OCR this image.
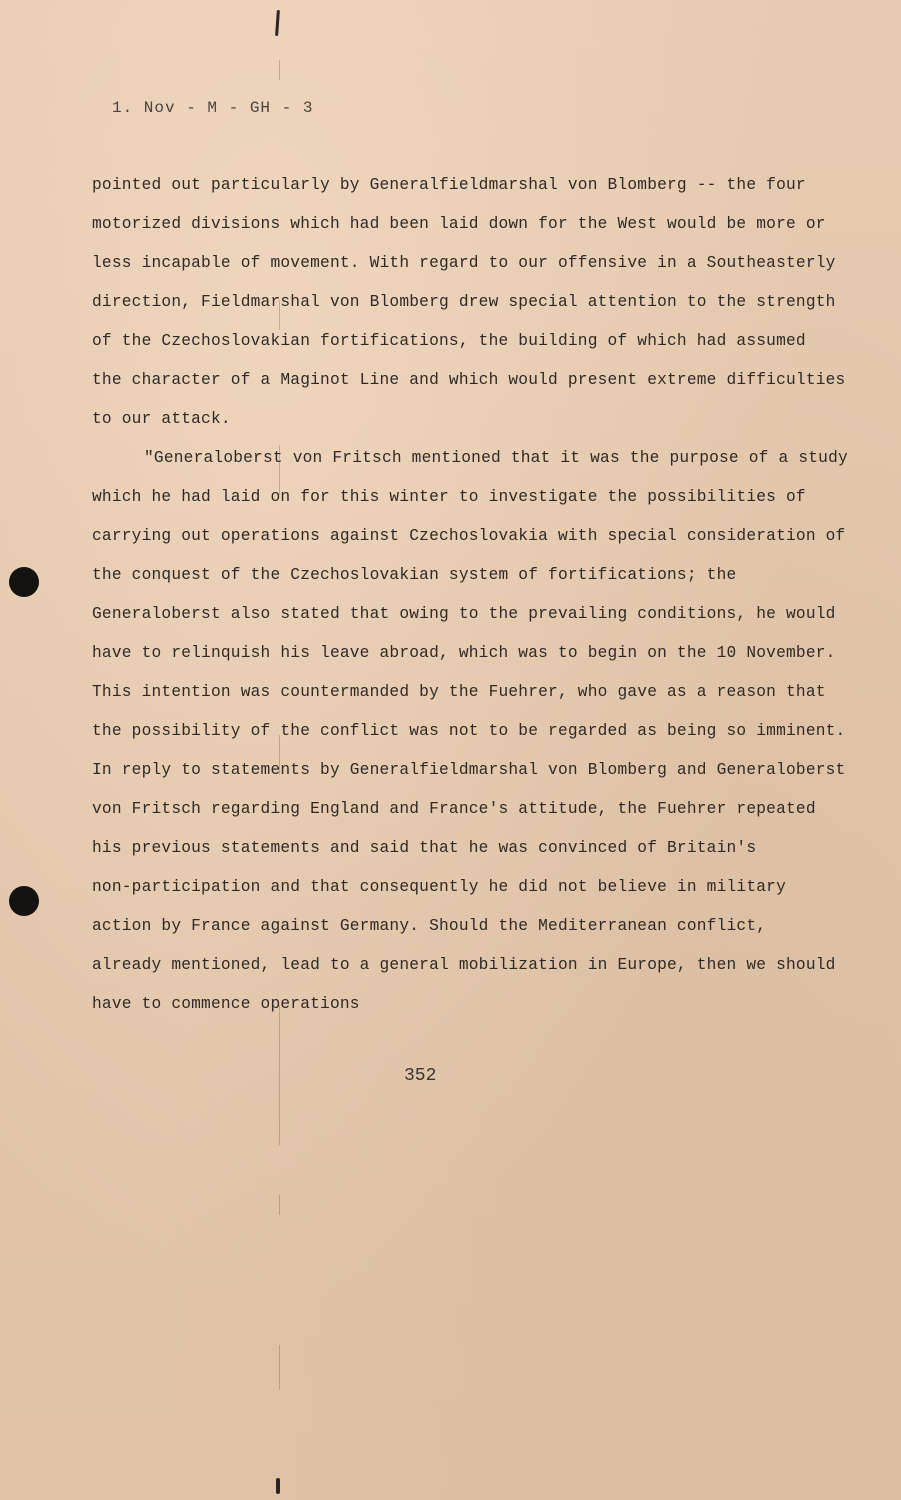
1. Nov - M - GH - 3
pointed out particularly by Generalfieldmarshal von Blomberg -- the four
motorized divisions which had been laid down for the West would be more or
less incapable of movement. With regard to our offensive in a Southeasterly
direction, Fieldmarshal von Blomberg drew special attention to the strength
of the Czechoslovakian fortifications, the building of which had assumed
the character of a Maginot Line and which would present extreme difficulties
to our attack.
"Generaloberst von Fritsch mentioned that it was the purpose of a study
which he had laid on for this winter to investigate the possibilities of
carrying out operations against Czechoslovakia with special consideration of
the conquest of the Czechoslovakian system of fortifications; the
Generaloberst also stated that owing to the prevailing conditions, he would
have to relinquish his leave abroad, which was to begin on the 10 November.
This intention was countermanded by the Fuehrer, who gave as a reason that
the possibility of the conflict was not to be regarded as being so imminent.
In reply to statements by Generalfieldmarshal von Blomberg and Generaloberst
von Fritsch regarding England and France's attitude, the Fuehrer repeated
his previous statements and said that he was convinced of Britain's
non-participation and that consequently he did not believe in military
action by France against Germany. Should the Mediterranean conflict,
already mentioned, lead to a general mobilization in Europe, then we should
have to commence operations
352
